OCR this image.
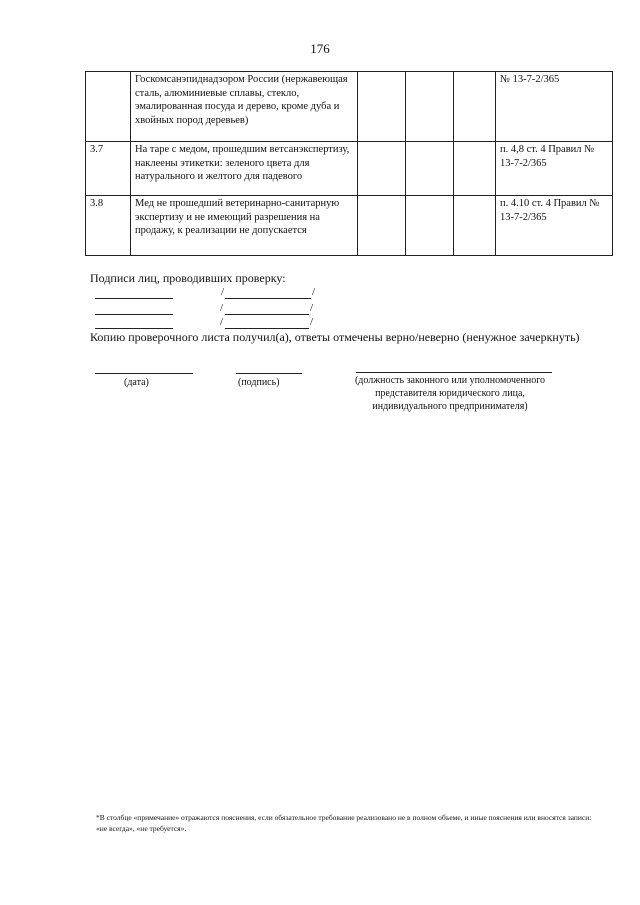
176
	Госкомсанэпиднадзором России (нержавеющая сталь, алюминиевые сплавы, стекло, эмалированная посуда и дерево, кроме дуба и хвойных пород деревьев)				№ 13-7-2/365
3.7	На таре с медом, прошедшим ветсанэкспертизу, наклеены этикетки: зеленого цвета для натурального и желтого для падевого				п. 4,8 ст. 4 Правил № 13-7-2/365
3.8	Мед не прошедший ветеринарно-санитарную экспертизу и не имеющий разрешения на продажу, к реализации не допускается				п. 4.10 ст. 4 Правил № 13-7-2/365
Подписи лиц, проводивших проверку:
/	/
/	/
/	/
Копию проверочного листа получил(а), ответы отмечены верно/неверно (ненужное зачеркнуть)
(дата)	(подпись)	(должность законного или уполномоченного представителя юридического лица, индивидуального предпринимателя)
*В столбце «примечание» отражаются пояснения, если обязательное требование реализовано не в полном объеме, и иные пояснения или вносятся записи: «не всегда», «не требуется».
